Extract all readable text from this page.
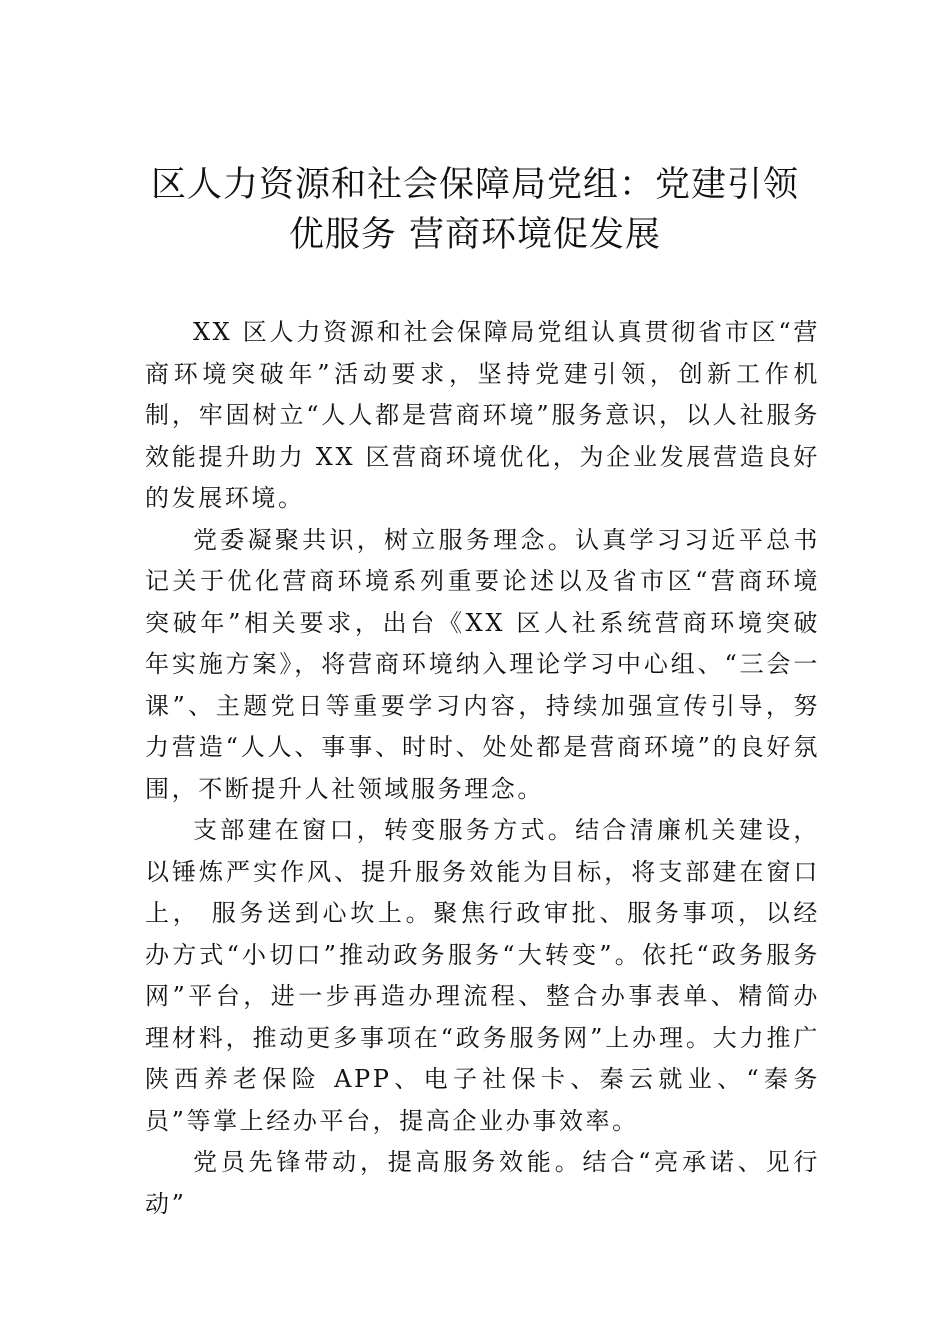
区人力资源和社会保障局党组：党建引领
优服务 营商环境促发展

XX 区人力资源和社会保障局党组认真贯彻省市区“营商环境突破年”活动要求，坚持党建引领，创新工作机制，牢固树立“人人都是营商环境”服务意识，以人社服务效能提升助力 XX 区营商环境优化，为企业发展营造良好的发展环境。

党委凝聚共识，树立服务理念。认真学习习近平总书记关于优化营商环境系列重要论述以及省市区“营商环境突破年”相关要求，出台《XX 区人社系统营商环境突破年实施方案》，将营商环境纳入理论学习中心组、“三会一课”、主题党日等重要学习内容，持续加强宣传引导，努力营造“人人、事事、时时、处处都是营商环境”的良好氛围，不断提升人社领域服务理念。

支部建在窗口，转变服务方式。结合清廉机关建设，以锤炼严实作风、提升服务效能为目标，将支部建在窗口上， 服务送到心坎上。聚焦行政审批、服务事项，以经办方式“小切口”推动政务服务“大转变”。依托“政务服务网”平台，进一步再造办理流程、整合办事表单、精简办理材料，推动更多事项在“政务服务网”上办理。大力推广陕西养老保险 APP、电子社保卡、秦云就业、“秦务员”等掌上经办平台，提高企业办事效率。

党员先锋带动，提高服务效能。结合“亮承诺、见行动”
